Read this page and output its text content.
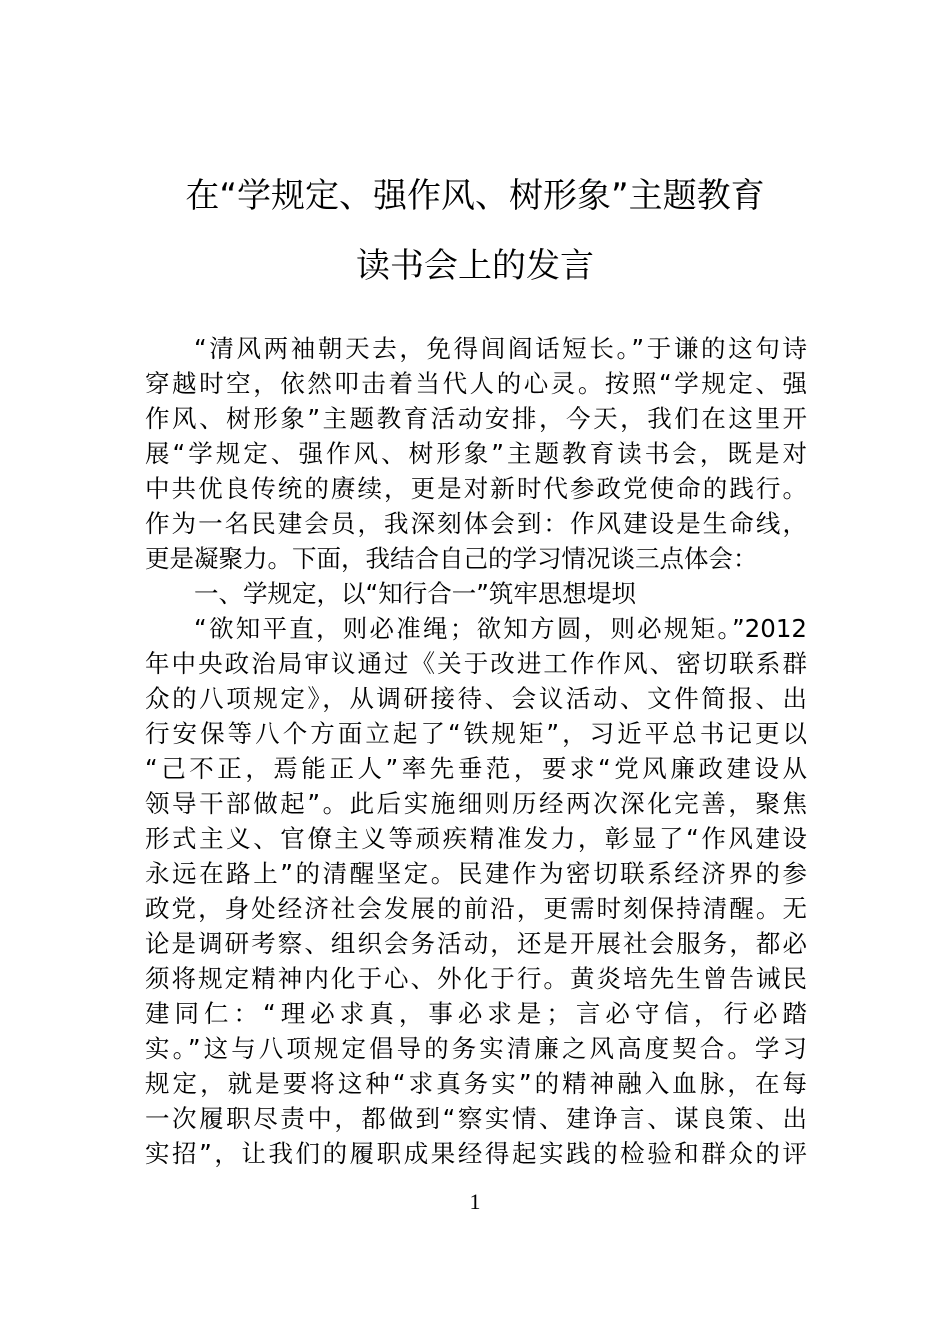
在“学规定、强作风、树形象”主题教育
读书会上的发言
“清风两袖朝天去，免得闾阎话短长。”于谦的这句诗
穿越时空，依然叩击着当代人的心灵。按照“学规定、强
作风、树形象”主题教育活动安排，今天，我们在这里开
展“学规定、强作风、树形象”主题教育读书会，既是对
中共优良传统的赓续，更是对新时代参政党使命的践行。
作为一名民建会员，我深刻体会到：作风建设是生命线，
更是凝聚力。下面，我结合自己的学习情况谈三点体会：
一、学规定，以“知行合一”筑牢思想堤坝
“欲知平直，则必准绳；欲知方圆，则必规矩。”2012
年中央政治局审议通过《关于改进工作作风、密切联系群
众的八项规定》，从调研接待、会议活动、文件简报、出
行安保等八个方面立起了“铁规矩”，习近平总书记更以
“己不正，焉能正人”率先垂范，要求“党风廉政建设从
领导干部做起”。此后实施细则历经两次深化完善，聚焦
形式主义、官僚主义等顽疾精准发力，彰显了“作风建设
永远在路上”的清醒坚定。民建作为密切联系经济界的参
政党，身处经济社会发展的前沿，更需时刻保持清醒。无
论是调研考察、组织会务活动，还是开展社会服务，都必
须将规定精神内化于心、外化于行。黄炎培先生曾告诫民
建同仁：“理必求真，事必求是；言必守信，行必踏
实。”这与八项规定倡导的务实清廉之风高度契合。学习
规定，就是要将这种“求真务实”的精神融入血脉，在每
一次履职尽责中，都做到“察实情、建诤言、谋良策、出
实招”，让我们的履职成果经得起实践的检验和群众的评
1
